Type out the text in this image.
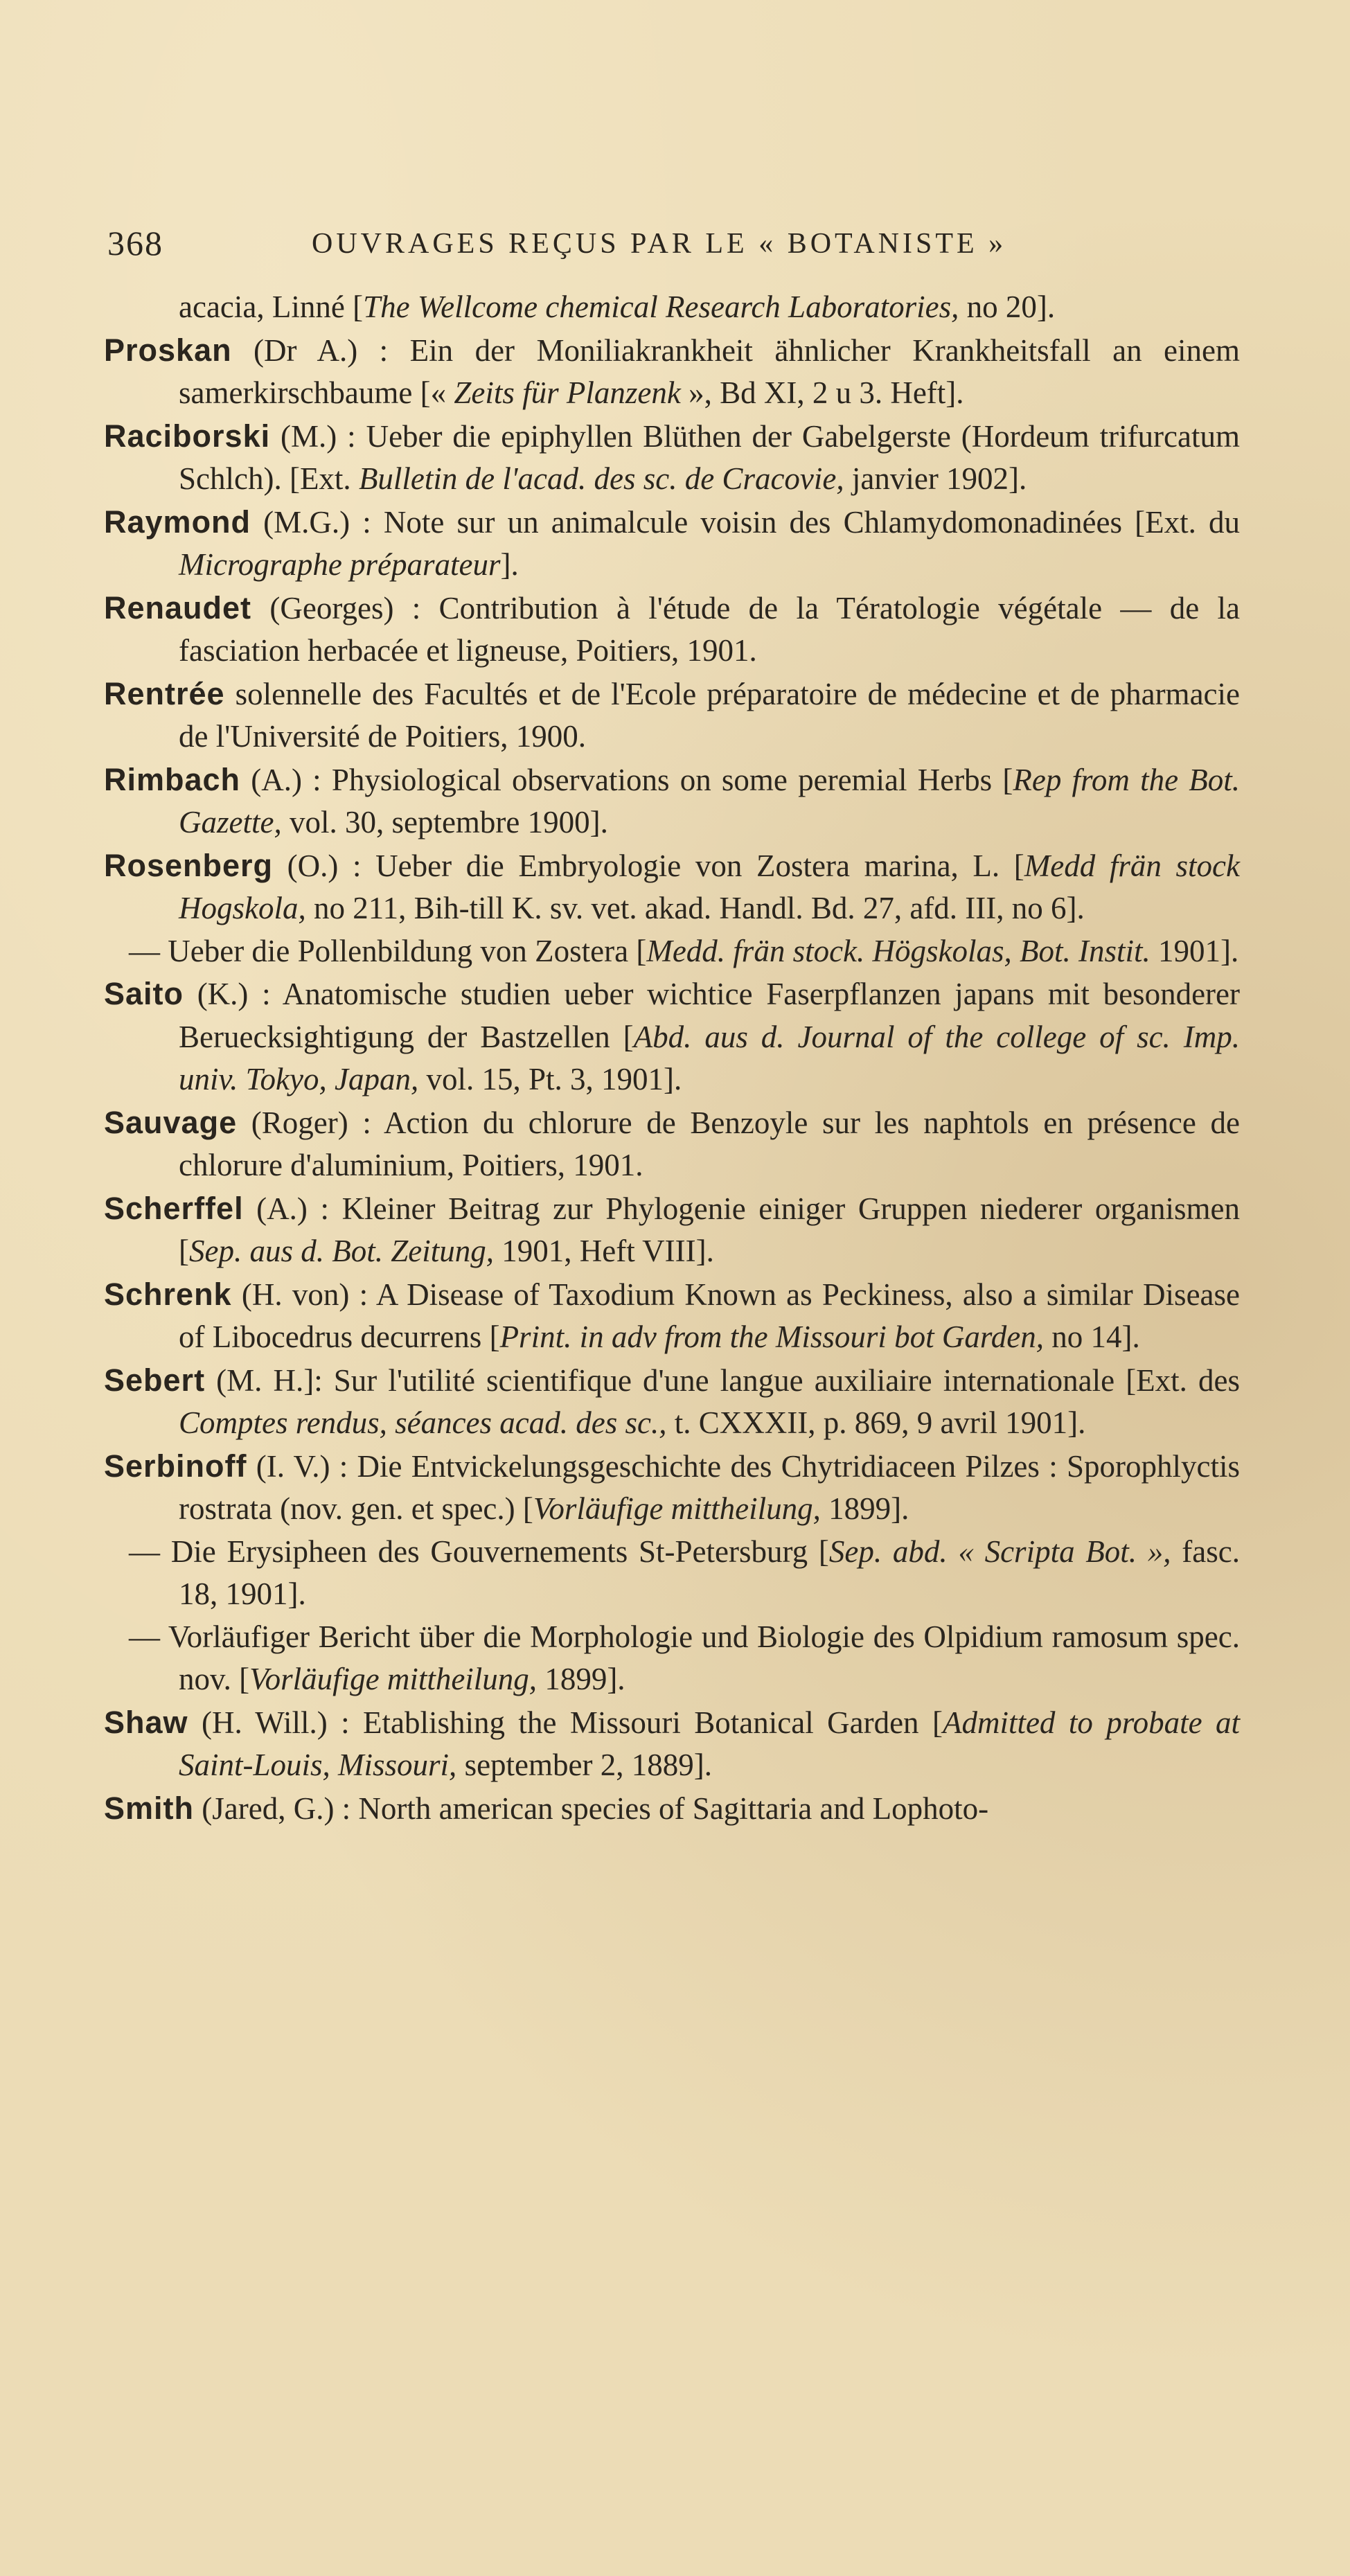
368	OUVRAGES REÇUS PAR LE « BOTANISTE »

acacia, Linné [The Wellcome chemical Research Laboratories, no 20].

Proskan (Dr A.) : Ein der Moniliakrankheit ähnlicher Krankheitsfall an einem samerkirschbaume [« Zeits für Planzenk », Bd XI, 2 u 3. Heft].

Raciborski (M.) : Ueber die epiphyllen Blüthen der Gabelgerste (Hordeum trifurcatum Schlch). [Ext. Bulletin de l'acad. des sc. de Cracovie, janvier 1902].

Raymond (M.G.) : Note sur un animalcule voisin des Chlamydomonadinées [Ext. du Micrographe préparateur].

Renaudet (Georges) : Contribution à l'étude de la Tératologie végétale — de la fasciation herbacée et ligneuse, Poitiers, 1901.

Rentrée solennelle des Facultés et de l'Ecole préparatoire de médecine et de pharmacie de l'Université de Poitiers, 1900.

Rimbach (A.) : Physiological observations on some peremial Herbs [Rep from the Bot. Gazette, vol. 30, septembre 1900].

Rosenberg (O.) : Ueber die Embryologie von Zostera marina, L. [Medd frän stock Hogskola, no 211, Bih-till K. sv. vet. akad. Handl. Bd. 27, afd. III, no 6].

— Ueber die Pollenbildung von Zostera [Medd. frän stock. Högskolas, Bot. Instit. 1901].

Saito (K.) : Anatomische studien ueber wichtice Faserpflanzen japans mit besonderer Beruecksightigung der Bastzellen [Abd. aus d. Journal of the college of sc. Imp. univ. Tokyo, Japan, vol. 15, Pt. 3, 1901].

Sauvage (Roger) : Action du chlorure de Benzoyle sur les naphtols en présence de chlorure d'aluminium, Poitiers, 1901.

Scherffel (A.) : Kleiner Beitrag zur Phylogenie einiger Gruppen niederer organismen [Sep. aus d. Bot. Zeitung, 1901, Heft VIII].

Schrenk (H. von) : A Disease of Taxodium Known as Peckiness, also a similar Disease of Libocedrus decurrens [Print. in adv from the Missouri bot Garden, no 14].

Sebert (M. H.]: Sur l'utilité scientifique d'une langue auxiliaire internationale [Ext. des Comptes rendus, séances acad. des sc., t. CXXXII, p. 869, 9 avril 1901].

Serbinoff (I. V.) : Die Entvickelungsgeschichte des Chytridiaceen Pilzes : Sporophlyctis rostrata (nov. gen. et spec.) [Vorläufige mittheilung, 1899].

— Die Erysipheen des Gouvernements St-Petersburg [Sep. abd. « Scripta Bot. », fasc. 18, 1901].

— Vorläufiger Bericht über die Morphologie und Biologie des Olpidium ramosum spec. nov. [Vorläufige mittheilung, 1899].

Shaw (H. Will.) : Etablishing the Missouri Botanical Garden [Admitted to probate at Saint-Louis, Missouri, september 2, 1889].

Smith (Jared, G.) : North american species of Sagittaria and Lophoto-
